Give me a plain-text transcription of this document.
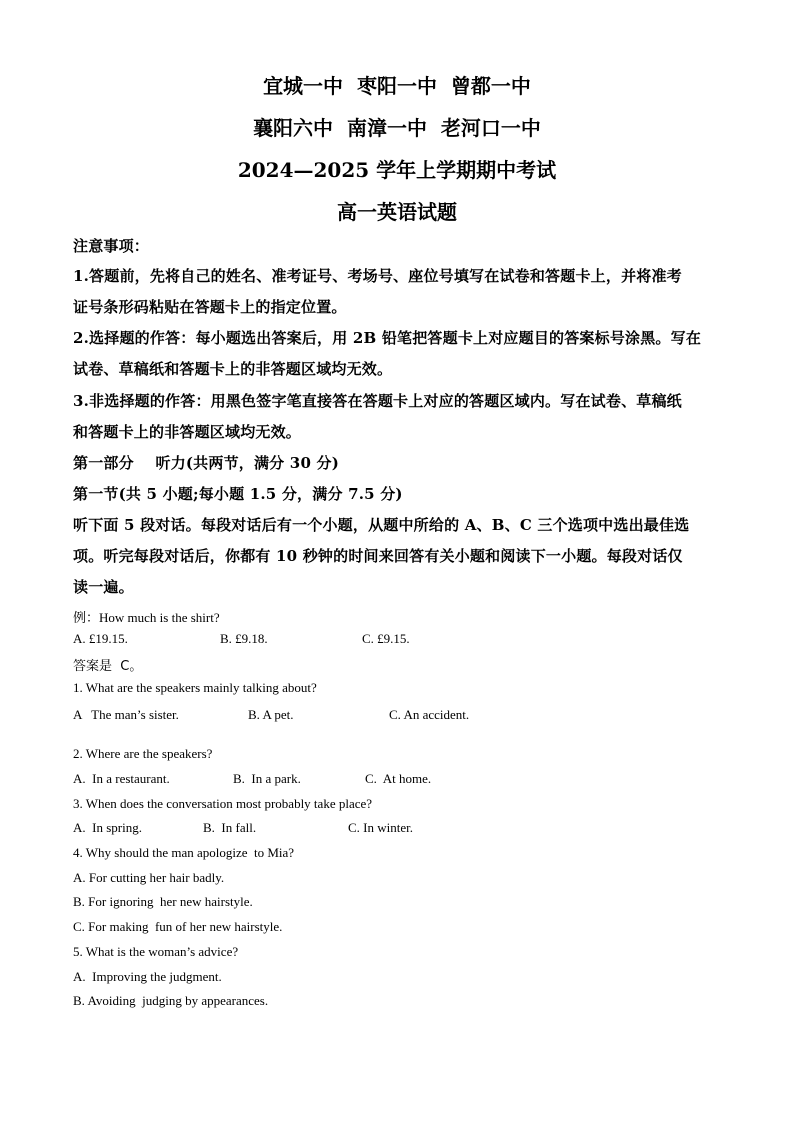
宜城一中  枣阳一中  曾都一中
襄阳六中  南漳一中  老河口一中
2024—2025 学年上学期期中考试
高一英语试题
注意事项：
1.答题前，先将自己的姓名、准考证号、考场号、座位号填写在试卷和答题卡上，并将准考
证号条形码粘贴在答题卡上的指定位置。
2.选择题的作答：每小题选出答案后，用 2B 铅笔把答题卡上对应题目的答案标号涂黑。写在
试卷、草稿纸和答题卡上的非答题区域均无效。
3.非选择题的作答：用黑色签字笔直接答在答题卡上对应的答题区域内。写在试卷、草稿纸
和答题卡上的非答题区域均无效。
第一部分    听力(共两节，满分 30 分)
第一节(共 5 小题;每小题 1.5 分，满分 7.5 分)
听下面 5 段对话。每段对话后有一个小题，从题中所给的 A、B、C 三个选项中选出最佳选
项。听完每段对话后，你都有 10 秒钟的时间来回答有关小题和阅读下一小题。每段对话仅
读一遍。
例：How much is the shirt?
A. £19.15.	B. £9.18.	C. £9.15.
答案是  C。
1. What are the speakers mainly talking about?
A   The man’s sister.	B. A pet.	C. An accident.
2. Where are the speakers?
A.  In a restaurant.	B.  In a park.	C.  At home.
3. When does the conversation most probably take place?
A.  In spring.	B.  In fall.	C. In winter.
4. Why should the man apologize  to Mia?
A. For cutting her hair badly.
B. For ignoring  her new hairstyle.
C. For making  fun of her new hairstyle.
5. What is the woman’s advice?
A.  Improving the judgment.
B. Avoiding  judging by appearances.
